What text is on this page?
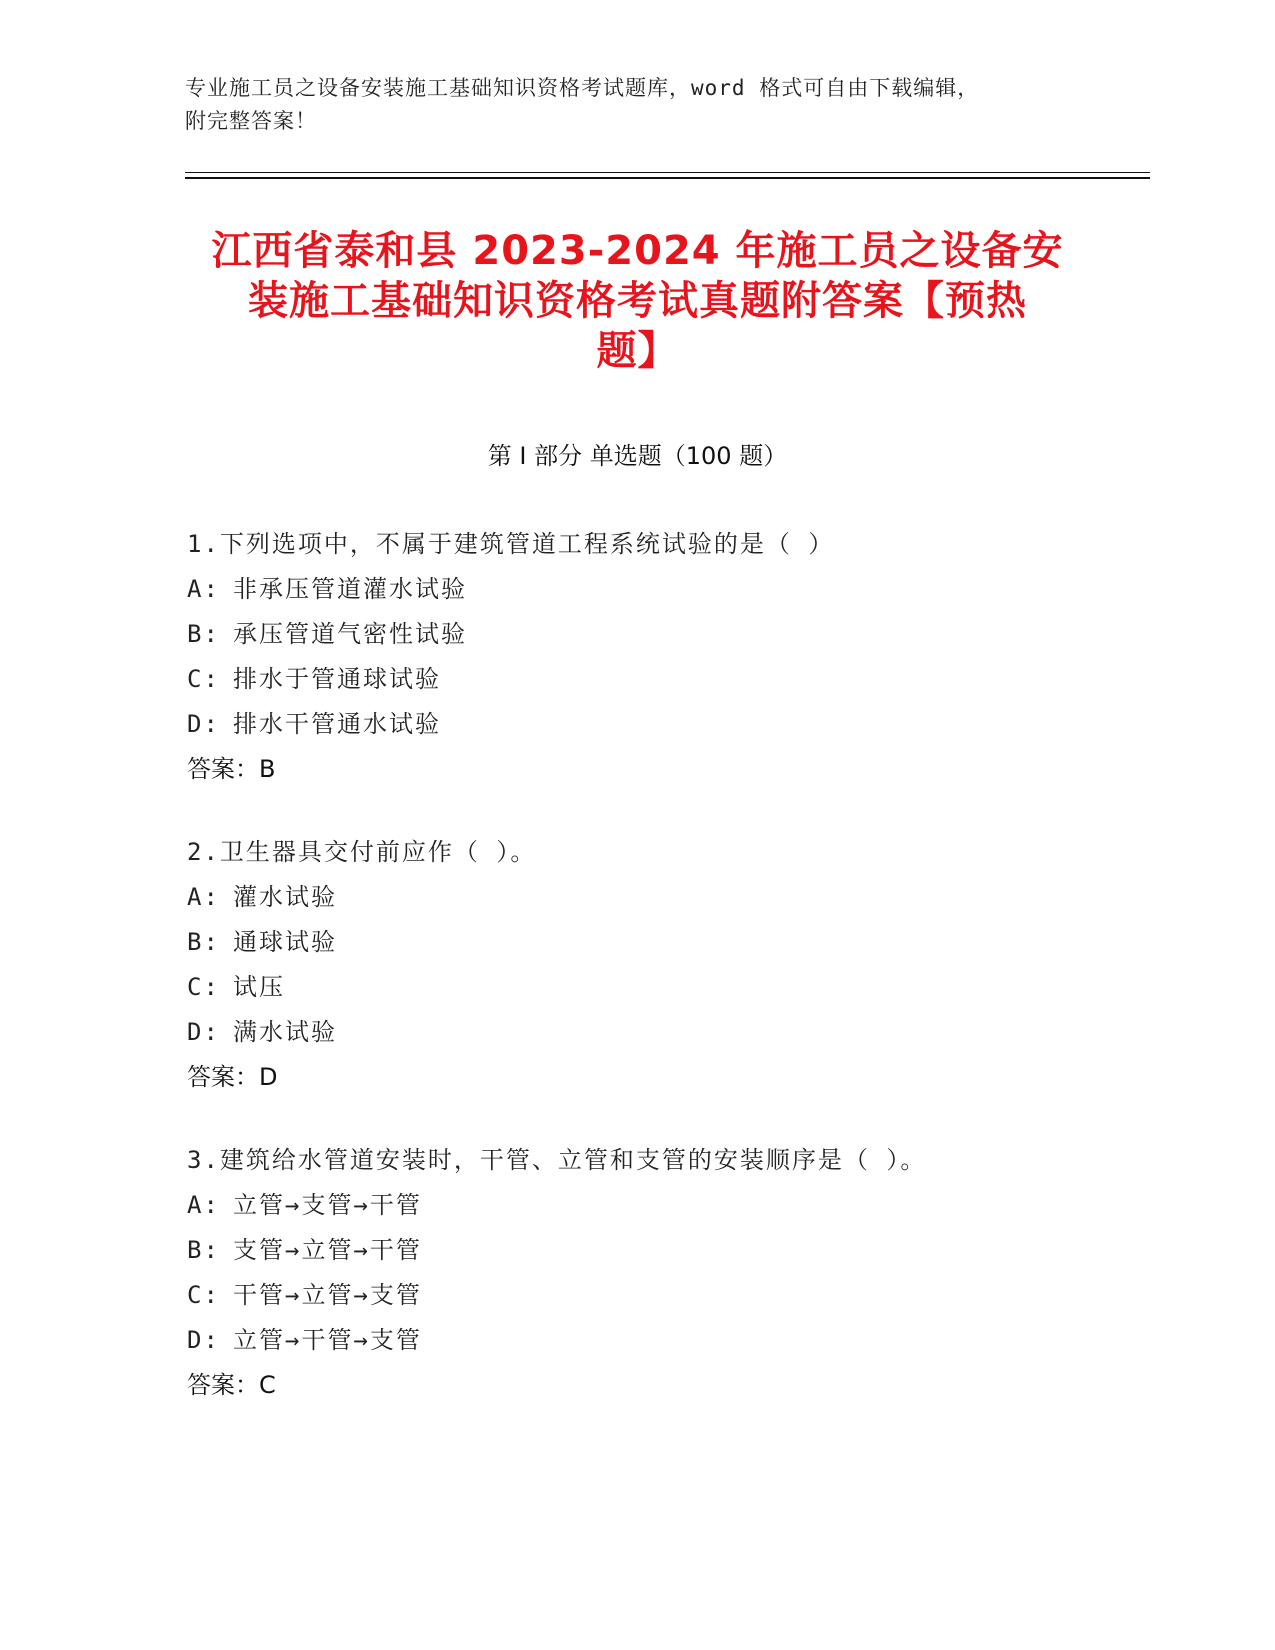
专业施工员之设备安装施工基础知识资格考试题库，word 格式可自由下载编辑，
附完整答案！
江西省泰和县 2023-2024 年施工员之设备安
装施工基础知识资格考试真题附答案【预热
题】
第 I 部分 单选题（100 题）
1.下列选项中，不属于建筑管道工程系统试验的是（ ）
A: 非承压管道灌水试验
B: 承压管道气密性试验
C: 排水于管通球试验
D: 排水干管通水试验
答案：B
2.卫生器具交付前应作（ ）。
A: 灌水试验
B: 通球试验
C: 试压
D: 满水试验
答案：D
3.建筑给水管道安装时，干管、立管和支管的安装顺序是（ ）。
A: 立管→支管→干管
B: 支管→立管→干管
C: 干管→立管→支管
D: 立管→干管→支管
答案：C
